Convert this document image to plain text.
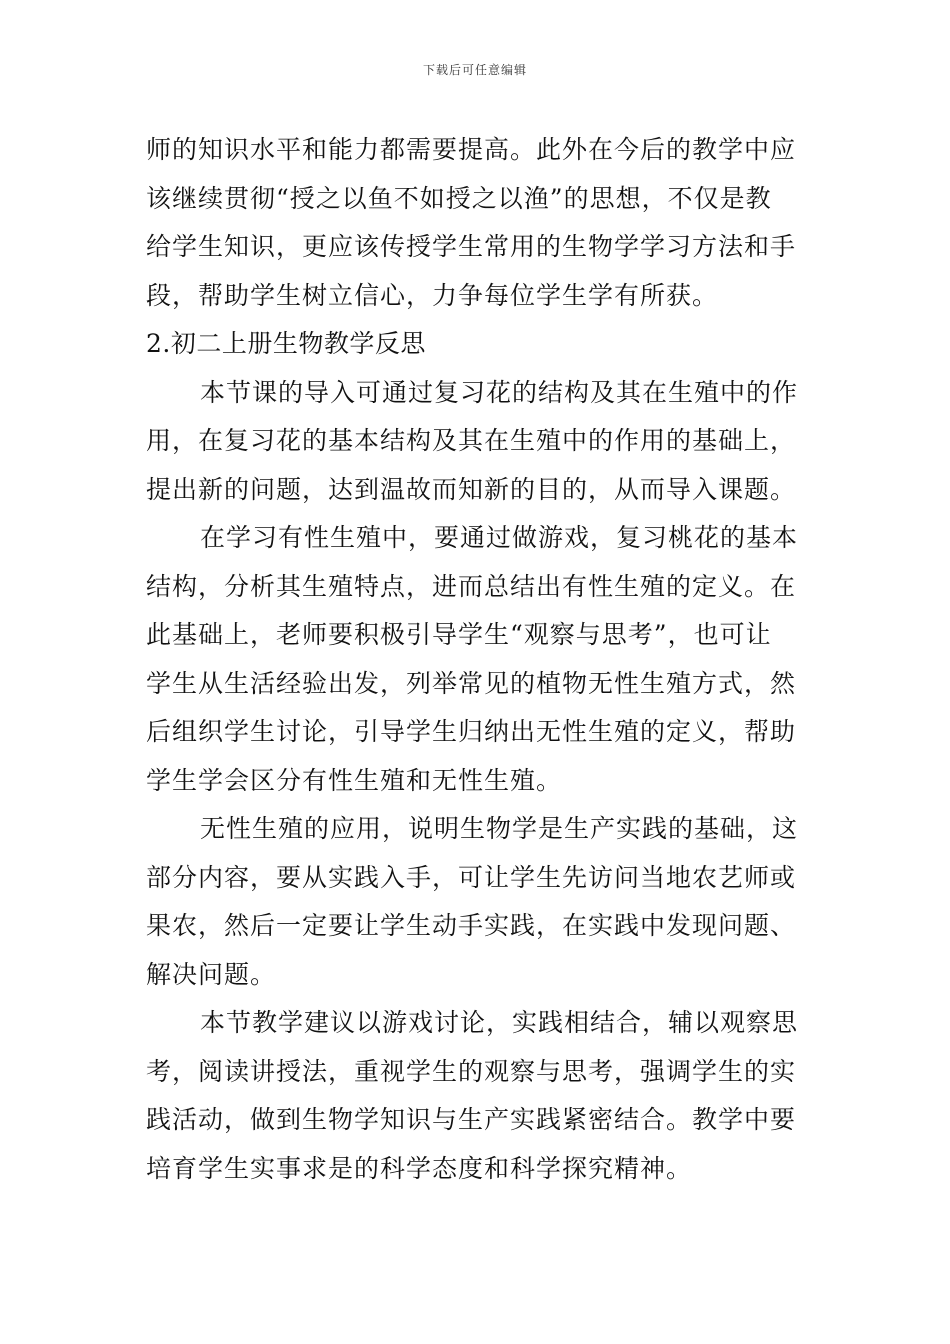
下载后可任意编辑

师的知识水平和能力都需要提高。此外在今后的教学中应
该继续贯彻“授之以鱼不如授之以渔”的思想，不仅是教
给学生知识，更应该传授学生常用的生物学学习方法和手
段，帮助学生树立信心，力争每位学生学有所获。

2.初二上册生物教学反思

本节课的导入可通过复习花的结构及其在生殖中的作
用，在复习花的基本结构及其在生殖中的作用的基础上，
提出新的问题，达到温故而知新的目的，从而导入课题。

在学习有性生殖中，要通过做游戏，复习桃花的基本
结构，分析其生殖特点，进而总结出有性生殖的定义。在
此基础上，老师要积极引导学生“观察与思考”，也可让
学生从生活经验出发，列举常见的植物无性生殖方式，然
后组织学生讨论，引导学生归纳出无性生殖的定义，帮助
学生学会区分有性生殖和无性生殖。

无性生殖的应用，说明生物学是生产实践的基础，这
部分内容，要从实践入手，可让学生先访问当地农艺师或
果农，然后一定要让学生动手实践，在实践中发现问题、
解决问题。

本节教学建议以游戏讨论，实践相结合，辅以观察思
考，阅读讲授法，重视学生的观察与思考，强调学生的实
践活动，做到生物学知识与生产实践紧密结合。教学中要
培育学生实事求是的科学态度和科学探究精神。
